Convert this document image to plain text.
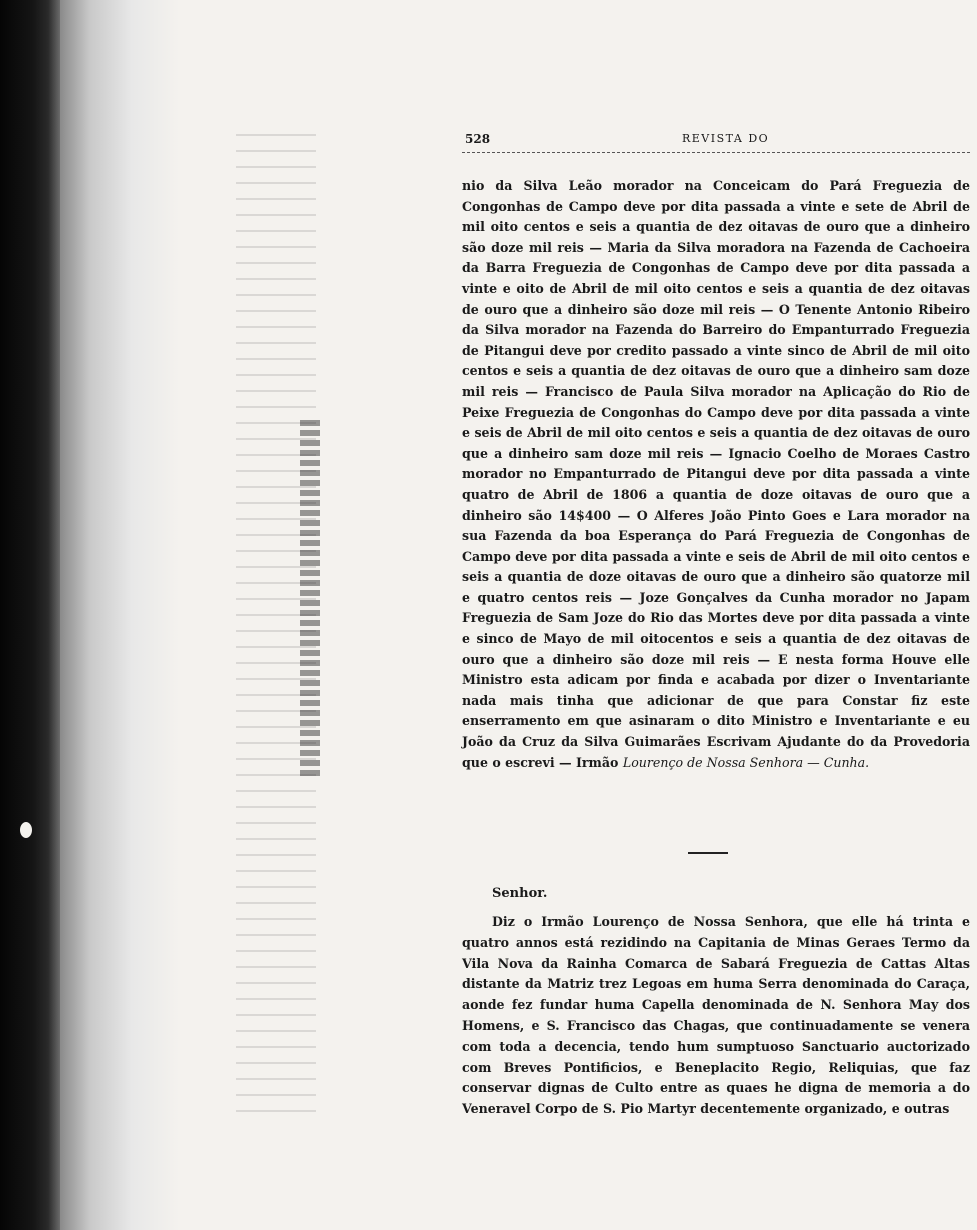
528	REVISTA DO

nio da Silva Leão morador na Conceicam do Pará Freguezia de Congonhas de Campo deve por dita passada a vinte e sete de Abril de mil oito centos e seis a quantia de dez oitavas de ouro que a dinheiro são doze mil reis — Maria da Silva moradora na Fazenda de Cachoeira da Barra Freguezia de Congonhas de Campo deve por dita passada a vinte e oito de Abril de mil oito centos e seis a quantia de dez oitavas de ouro que a dinheiro são doze mil reis — O Tenente Antonio Ribeiro da Silva morador na Fazenda do Barreiro do Empanturrado Freguezia de Pitangui deve por credito passado a vinte sinco de Abril de mil oito centos e seis a quantia de dez oitavas de ouro que a dinheiro sam doze mil reis — Francisco de Paula Silva morador na Aplicação do Rio de Peixe Freguezia de Congonhas do Campo deve por dita passada a vinte e seis de Abril de mil oito centos e seis a quantia de dez oitavas de ouro que a dinheiro sam doze mil reis — Ignacio Coelho de Moraes Castro morador no Empanturrado de Pitangui deve por dita passada a vinte quatro de Abril de 1806 a quantia de doze oitavas de ouro que a dinheiro são 14$400 — O Alferes João Pinto Goes e Lara morador na sua Fazenda da boa Esperança do Pará Freguezia de Congonhas de Campo deve por dita passada a vinte e seis de Abril de mil oito centos e seis a quantia de doze oitavas de ouro que a dinheiro são quatorze mil e quatro centos reis — Joze Gonçalves da Cunha morador no Japam Freguezia de Sam Joze do Rio das Mortes deve por dita passada a vinte e sinco de Mayo de mil oitocentos e seis a quantia de dez oitavas de ouro que a dinheiro são doze mil reis — E nesta forma Houve elle Ministro esta adicam por finda e acabada por dizer o Inventariante nada mais tinha que adicionar de que para Constar fiz este enserramento em que asinaram o dito Ministro e Inventariante e eu João da Cruz da Silva Guimarães Escrivam Ajudante do da Provedoria que o escrevi — Irmão Lourenço de Nossa Senhora — Cunha.

Senhor.

Diz o Irmão Lourenço de Nossa Senhora, que elle há trinta e quatro annos está rezidindo na Capitania de Minas Geraes Termo da Vila Nova da Rainha Comarca de Sabará Freguezia de Cattas Altas distante da Matriz trez Legoas em huma Serra denominada do Caraça, aonde fez fundar huma Capella denominada de N. Senhora May dos Homens, e S. Francisco das Chagas, que continuadamente se venera com toda a decencia, tendo hum sumptuoso Sanctuario auctorizado com Breves Pontificios, e Beneplacito Regio, Reliquias, que faz conservar dignas de Culto entre as quaes he digna de memoria a do Veneravel Corpo de S. Pio Martyr decentemente organizado, e outras
